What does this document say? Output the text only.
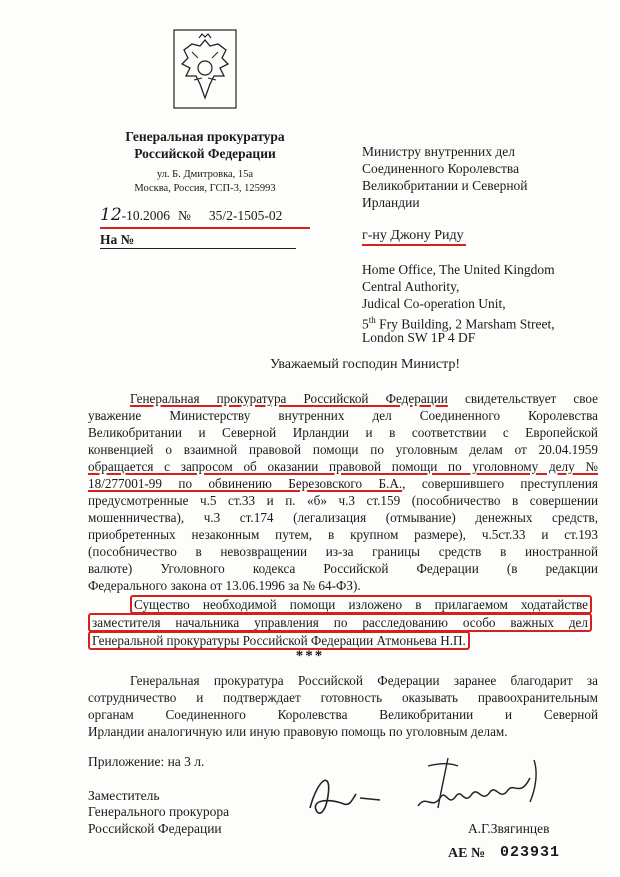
Генеральная прокуратура
Российской Федерации
ул. Б. Дмитровка, 15а
Москва, Россия, ГСП-3, 125993
12-10.2006 № 35/2-1505-02
На №
Министру внутренних дел
Соединенного Королевства
Великобритании и Северной
Ирландии
г-ну Джону Риду
Home Office, The United Kingdom
Central Authority,
Judical Co-operation Unit,
5th Fry Building, 2 Marsham Street,
London SW 1P 4 DF
Уважаемый господин Министр!
Генеральная прокуратура Российской Федерации свидетельствует свое
уважение Министерству внутренних дел Соединенного Королевства
Великобритании и Северной Ирландии и в соответствии с Европейской
конвенцией о взаимной правовой помощи по уголовным делам от 20.04.1959
обращается с запросом об оказании правовой помощи по уголовному делу №
18/277001-99 по обвинению Березовского Б.А., совершившего преступления
предусмотренные ч.5 ст.33 и п. «б» ч.3 ст.159 (пособничество в совершении
мошенничества), ч.3 ст.174 (легализация (отмывание) денежных средств,
приобретенных незаконным путем, в крупном размере), ч.5ст.33 и ст.193
(пособничество в невозвращении из-за границы средств в иностранной
валюте) Уголовного кодекса Российской Федерации (в редакции
Федерального закона от 13.06.1996 за № 64-ФЗ).
Существо необходимой помощи изложено в прилагаемом ходатайстве
заместителя начальника управления по расследованию особо важных дел
Генеральной прокуратуры Российской Федерации Атмоньева Н.П.
***
Генеральная прокуратура Российской Федерации заранее благодарит за
сотрудничество и подтверждает готовность оказывать правоохранительным
органам Соединенного Королевства Великобритании и Северной
Ирландии аналогичную или иную правовую помощь по уголовным делам.
Приложение: на 3 л.
Заместитель
Генерального прокурора
Российской Федерации	А.Г.Звягинцев
АЕ № 023931
